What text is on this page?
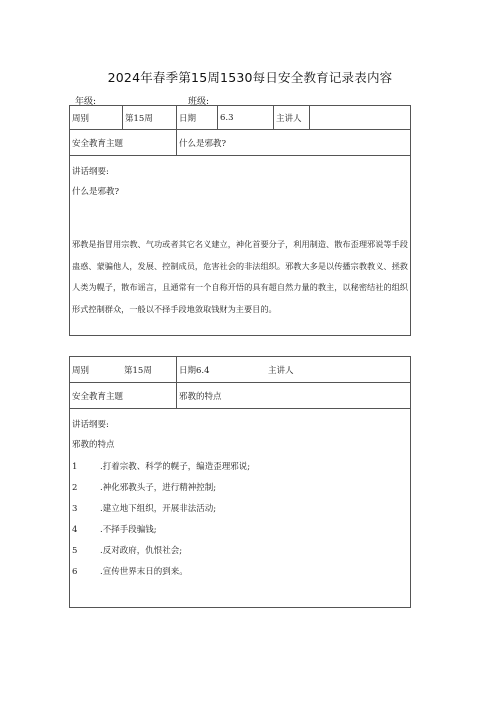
2024年春季第15周1530每日安全教育记录表内容
年级:	班级:
周别	第15周	日期	6.3	主讲人
安全教育主题	什么是邪教?
讲话纲要:
什么是邪教?
邪教是指冒用宗教、气功或者其它名义建立，神化首要分子，利用制造、散布歪理邪说等手段蛊惑、蒙骗他人，发展、控制成员，危害社会的非法组织。邪教大多是以传播宗教教义、拯救人类为幌子，散布谣言，且通常有一个自称开悟的具有超自然力量的教主，以秘密结社的组织形式控制群众，一般以不择手段地敛取钱财为主要目的。
周别	第15周	日期6.4	主讲人
安全教育主题	邪教的特点
讲话纲要:
邪教的特点
1	.打着宗教、科学的幌子，编造歪理邪说;
2	.神化邪教头子，进行精神控制;
3	.建立地下组织，开展非法活动;
4	.不择手段骗钱;
5	.反对政府，仇恨社会;
6	.宣传世界末日的到来。
